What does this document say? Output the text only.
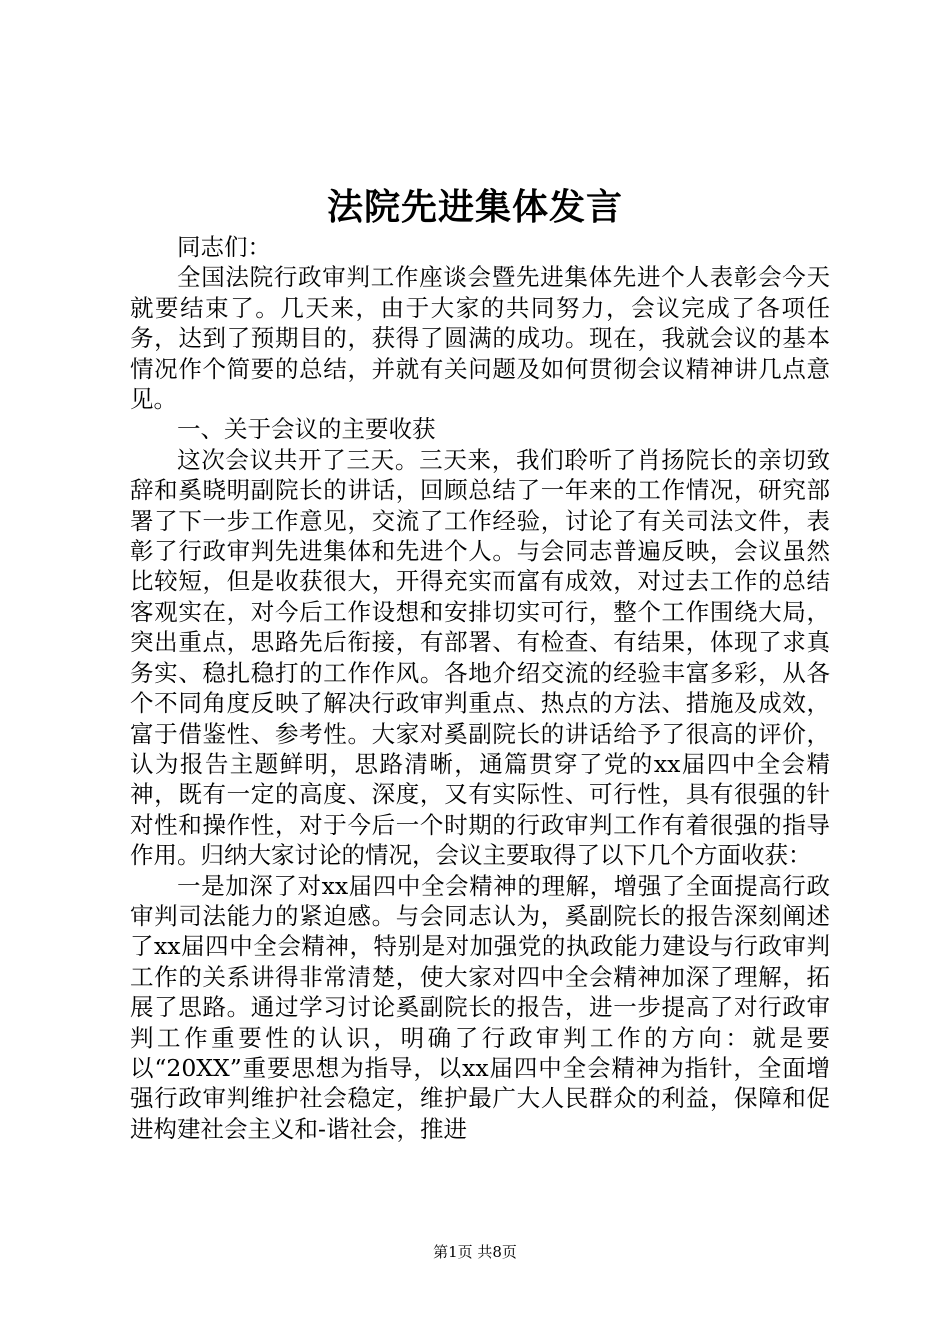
法院先进集体发言

同志们：

全国法院行政审判工作座谈会暨先进集体先进个人表彰会今天就要结束了。几天来，由于大家的共同努力，会议完成了各项任务，达到了预期目的，获得了圆满的成功。现在，我就会议的基本情况作个简要的总结，并就有关问题及如何贯彻会议精神讲几点意见。

一、关于会议的主要收获

这次会议共开了三天。三天来，我们聆听了肖扬院长的亲切致辞和奚晓明副院长的讲话，回顾总结了一年来的工作情况，研究部署了下一步工作意见，交流了工作经验，讨论了有关司法文件，表彰了行政审判先进集体和先进个人。与会同志普遍反映，会议虽然比较短，但是收获很大，开得充实而富有成效，对过去工作的总结客观实在，对今后工作设想和安排切实可行，整个工作围绕大局，突出重点，思路先后衔接，有部署、有检查、有结果，体现了求真务实、稳扎稳打的工作作风。各地介绍交流的经验丰富多彩，从各个不同角度反映了解决行政审判重点、热点的方法、措施及成效，富于借鉴性、参考性。大家对奚副院长的讲话给予了很高的评价，认为报告主题鲜明，思路清晰，通篇贯穿了党的xx届四中全会精神，既有一定的高度、深度，又有实际性、可行性，具有很强的针对性和操作性，对于今后一个时期的行政审判工作有着很强的指导作用。归纳大家讨论的情况，会议主要取得了以下几个方面收获：

一是加深了对xx届四中全会精神的理解，增强了全面提高行政审判司法能力的紧迫感。与会同志认为，奚副院长的报告深刻阐述了xx届四中全会精神，特别是对加强党的执政能力建设与行政审判工作的关系讲得非常清楚，使大家对四中全会精神加深了理解，拓展了思路。通过学习讨论奚副院长的报告，进一步提高了对行政审判工作重要性的认识，明确了行政审判工作的方向：就是要以“20XX”重要思想为指导，以xx届四中全会精神为指针，全面增强行政审判维护社会稳定，维护最广大人民群众的利益，保障和促进构建社会主义和-谐社会，推进

第1页 共8页
